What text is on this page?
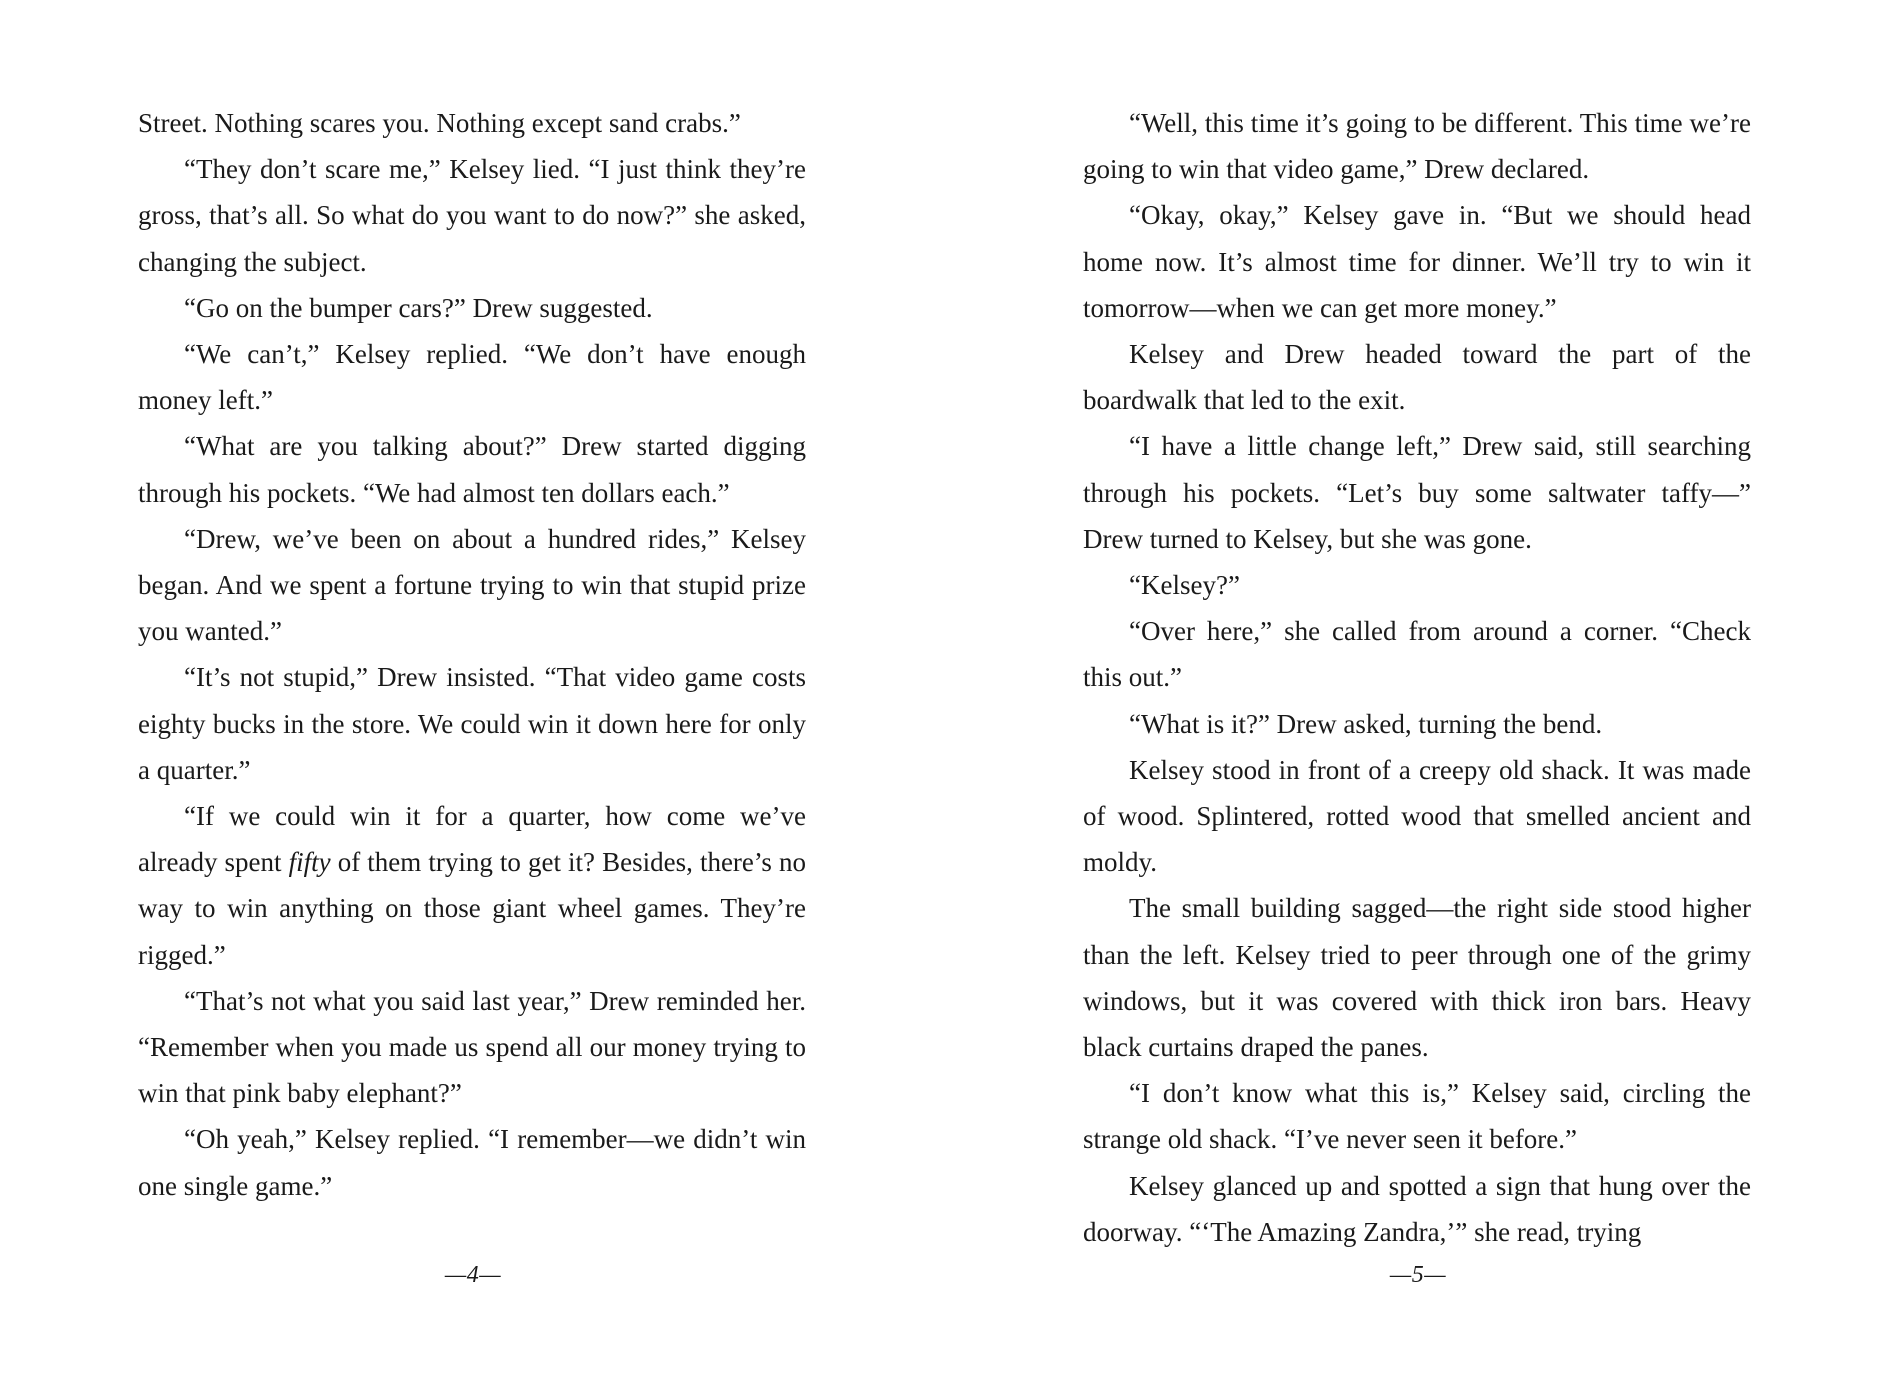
Street. Nothing scares you. Nothing except sand crabs.”

“They don’t scare me,” Kelsey lied. “I just think they’re gross, that’s all. So what do you want to do now?” she asked, changing the subject.

“Go on the bumper cars?” Drew suggested.

“We can’t,” Kelsey replied. “We don’t have enough money left.”

“What are you talking about?” Drew started digging through his pockets. “We had almost ten dollars each.”

“Drew, we’ve been on about a hundred rides,” Kelsey began. And we spent a fortune trying to win that stupid prize you wanted.”

“It’s not stupid,” Drew insisted. “That video game costs eighty bucks in the store. We could win it down here for only a quarter.”

“If we could win it for a quarter, how come we’ve already spent fifty of them trying to get it? Besides, there’s no way to win anything on those giant wheel games. They’re rigged.”

“That’s not what you said last year,” Drew reminded her. “Remember when you made us spend all our money trying to win that pink baby elephant?”

“Oh yeah,” Kelsey replied. “I remember—we didn’t win one single game.”

“Well, this time it’s going to be different. This time we’re going to win that video game,” Drew declared.

“Okay, okay,” Kelsey gave in. “But we should head home now. It’s almost time for dinner. We’ll try to win it tomorrow—when we can get more money.”

Kelsey and Drew headed toward the part of the boardwalk that led to the exit.

“I have a little change left,” Drew said, still searching through his pockets. “Let’s buy some saltwater taffy—” Drew turned to Kelsey, but she was gone.

“Kelsey?”

“Over here,” she called from around a corner. “Check this out.”

“What is it?” Drew asked, turning the bend.

Kelsey stood in front of a creepy old shack. It was made of wood. Splintered, rotted wood that smelled ancient and moldy.

The small building sagged—the right side stood higher than the left. Kelsey tried to peer through one of the grimy windows, but it was covered with thick iron bars. Heavy black curtains draped the panes.

“I don’t know what this is,” Kelsey said, circling the strange old shack. “I’ve never seen it before.”

Kelsey glanced up and spotted a sign that hung over the doorway. “‘The Amazing Zandra,’” she read, trying

—4—	—5—
